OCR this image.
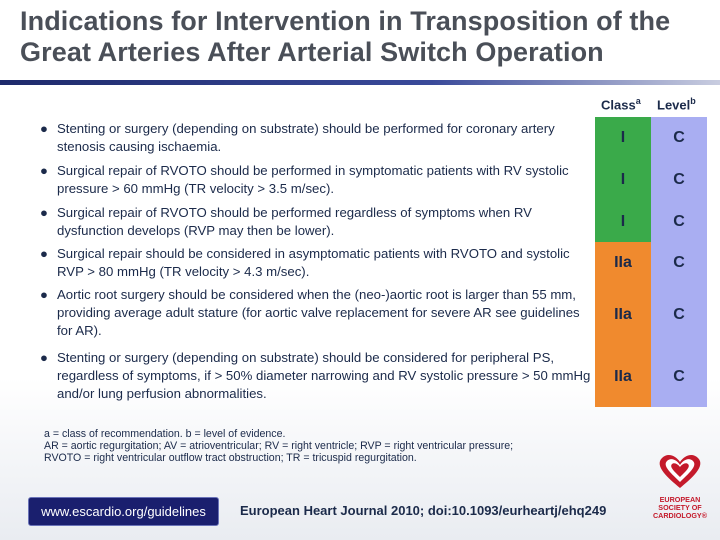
Indications for Intervention in Transposition of the Great Arteries After Arterial Switch Operation
Class$^a$ Level$^b$
● Stenting or surgery (depending on substrate) should be performed for coronary artery stenosis causing ischaemia.
● Surgical repair of RVOTO should be performed in symptomatic patients with RV systolic pressure > 60 mmHg (TR velocity > 3.5 m/sec).
● Surgical repair of RVOTO should be performed regardless of symptoms when RV dysfunction develops (RVP may then be lower).
● Surgical repair should be considered in asymptomatic patients with RVOTO and systolic RVP > 80 mmHg (TR velocity > 4.3 m/sec).
● Aortic root surgery should be considered when the (neo-)aortic root is larger than 55 mm, providing average adult stature (for aortic valve replacement for severe AR see guidelines for AR).
● Stenting or surgery (depending on substrate) should be considered for peripheral PS, regardless of symptoms, if > 50% diameter narrowing and RV systolic pressure > 50 mmHg and/or lung perfusion abnormalities.
I
I
I
IIa
IIa
IIa
C
C
C
C
C
C
a = class of recommendation. b = level of evidence.
AR = aortic regurgitation; AV = atrioventricular; RV = right ventricle; RVP = right ventricular pressure;
RVOTO = right ventricular outflow tract obstruction; TR = tricuspid regurgitation.
www.escardio.org/guidelines	European Heart Journal 2010; doi:10.1093/eurheartj/ehq249
EUROPEAN
SOCIETY OF
CARDIOLOGY®
